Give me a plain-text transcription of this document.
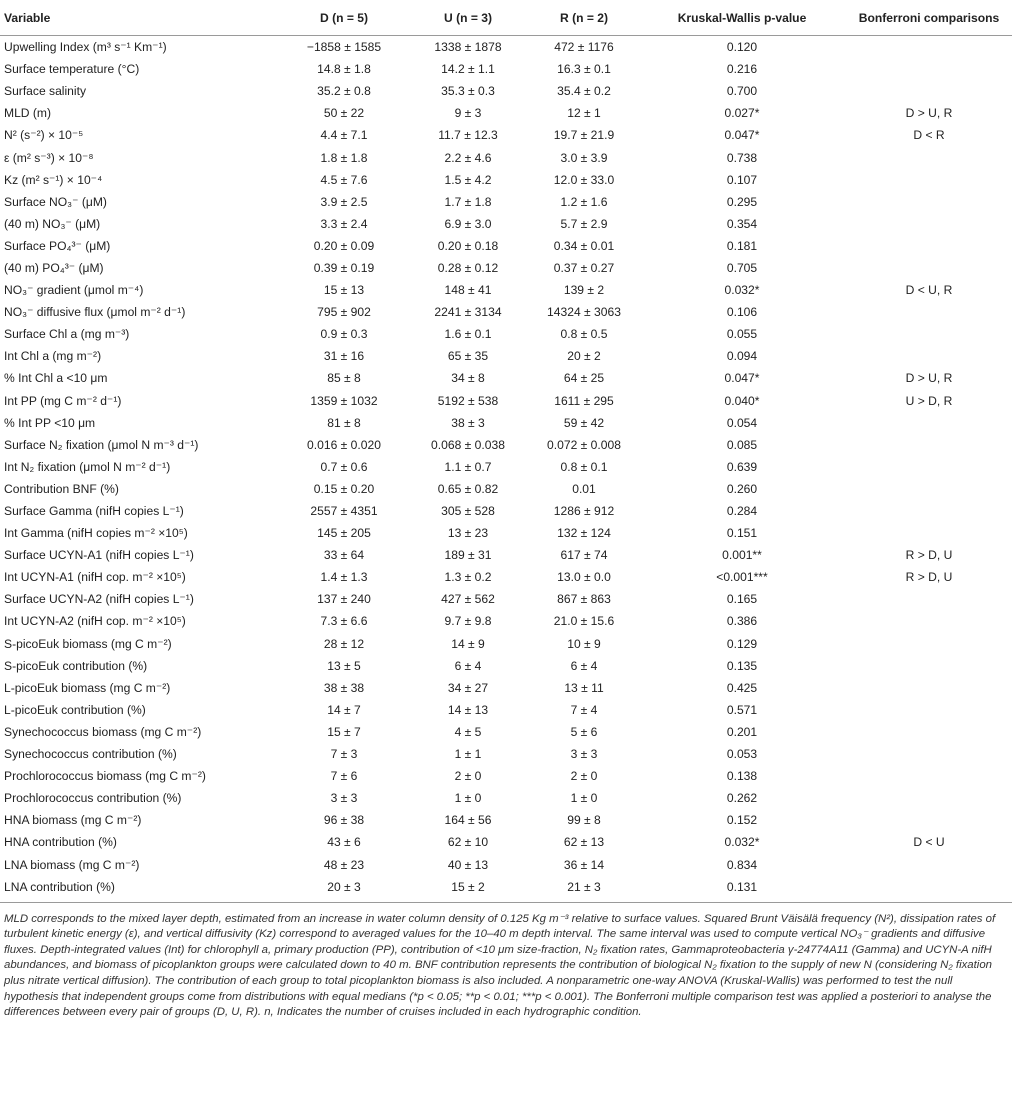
Variable	D (n = 5)	U (n = 3)	R (n = 2)	Kruskal-Wallis p-value	Bonferroni comparisons
Upwelling Index (m³ s⁻¹ Km⁻¹)	−1858 ± 1585	1338 ± 1878	472 ± 1176	0.120	
Surface temperature (°C)	14.8 ± 1.8	14.2 ± 1.1	16.3 ± 0.1	0.216	
Surface salinity	35.2 ± 0.8	35.3 ± 0.3	35.4 ± 0.2	0.700	
MLD (m)	50 ± 22	9 ± 3	12 ± 1	0.027*	D > U, R
N² (s⁻²) × 10⁻⁵	4.4 ± 7.1	11.7 ± 12.3	19.7 ± 21.9	0.047*	D < R
ε (m² s⁻³) × 10⁻⁸	1.8 ± 1.8	2.2 ± 4.6	3.0 ± 3.9	0.738	
Kz (m² s⁻¹) × 10⁻⁴	4.5 ± 7.6	1.5 ± 4.2	12.0 ± 33.0	0.107	
Surface NO₃⁻ (μM)	3.9 ± 2.5	1.7 ± 1.8	1.2 ± 1.6	0.295	
(40 m) NO₃⁻ (μM)	3.3 ± 2.4	6.9 ± 3.0	5.7 ± 2.9	0.354	
Surface PO₄³⁻ (μM)	0.20 ± 0.09	0.20 ± 0.18	0.34 ± 0.01	0.181	
(40 m) PO₄³⁻ (μM)	0.39 ± 0.19	0.28 ± 0.12	0.37 ± 0.27	0.705	
NO₃⁻ gradient (μmol m⁻⁴)	15 ± 13	148 ± 41	139 ± 2	0.032*	D < U, R
NO₃⁻ diffusive flux (μmol m⁻² d⁻¹)	795 ± 902	2241 ± 3134	14324 ± 3063	0.106	
Surface Chl a (mg m⁻³)	0.9 ± 0.3	1.6 ± 0.1	0.8 ± 0.5	0.055	
Int Chl a (mg m⁻²)	31 ± 16	65 ± 35	20 ± 2	0.094	
% Int Chl a <10 μm	85 ± 8	34 ± 8	64 ± 25	0.047*	D > U, R
Int PP (mg C m⁻² d⁻¹)	1359 ± 1032	5192 ± 538	1611 ± 295	0.040*	U > D, R
% Int PP <10 μm	81 ± 8	38 ± 3	59 ± 42	0.054	
Surface N₂ fixation (μmol N m⁻³ d⁻¹)	0.016 ± 0.020	0.068 ± 0.038	0.072 ± 0.008	0.085	
Int N₂ fixation (μmol N m⁻² d⁻¹)	0.7 ± 0.6	1.1 ± 0.7	0.8 ± 0.1	0.639	
Contribution BNF (%)	0.15 ± 0.20	0.65 ± 0.82	0.01	0.260	
Surface Gamma (nifH copies L⁻¹)	2557 ± 4351	305 ± 528	1286 ± 912	0.284	
Int Gamma (nifH copies m⁻² ×10⁵)	145 ± 205	13 ± 23	132 ± 124	0.151	
Surface UCYN-A1 (nifH copies L⁻¹)	33 ± 64	189 ± 31	617 ± 74	0.001**	R > D, U
Int UCYN-A1 (nifH cop. m⁻² ×10⁵)	1.4 ± 1.3	1.3 ± 0.2	13.0 ± 0.0	<0.001***	R > D, U
Surface UCYN-A2 (nifH copies L⁻¹)	137 ± 240	427 ± 562	867 ± 863	0.165	
Int UCYN-A2 (nifH cop. m⁻² ×10⁵)	7.3 ± 6.6	9.7 ± 9.8	21.0 ± 15.6	0.386	
S-picoEuk biomass (mg C m⁻²)	28 ± 12	14 ± 9	10 ± 9	0.129	
S-picoEuk contribution (%)	13 ± 5	6 ± 4	6 ± 4	0.135	
L-picoEuk biomass (mg C m⁻²)	38 ± 38	34 ± 27	13 ± 11	0.425	
L-picoEuk contribution (%)	14 ± 7	14 ± 13	7 ± 4	0.571	
Synechococcus biomass (mg C m⁻²)	15 ± 7	4 ± 5	5 ± 6	0.201	
Synechococcus contribution (%)	7 ± 3	1 ± 1	3 ± 3	0.053	
Prochlorococcus biomass (mg C m⁻²)	7 ± 6	2 ± 0	2 ± 0	0.138	
Prochlorococcus contribution (%)	3 ± 3	1 ± 0	1 ± 0	0.262	
HNA biomass (mg C m⁻²)	96 ± 38	164 ± 56	99 ± 8	0.152	
HNA contribution (%)	43 ± 6	62 ± 10	62 ± 13	0.032*	D < U
LNA biomass (mg C m⁻²)	48 ± 23	40 ± 13	36 ± 14	0.834	
LNA contribution (%)	20 ± 3	15 ± 2	21 ± 3	0.131	
MLD corresponds to the mixed layer depth, estimated from an increase in water column density of 0.125 Kg m⁻³ relative to surface values. Squared Brunt Väisälä frequency (N²), dissipation rates of turbulent kinetic energy (ε), and vertical diffusivity (Kz) correspond to averaged values for the 10–40 m depth interval. The same interval was used to compute vertical NO₃⁻ gradients and diffusive fluxes. Depth-integrated values (Int) for chlorophyll a, primary production (PP), contribution of <10 μm size-fraction, N₂ fixation rates, Gammaproteobacteria γ-24774A11 (Gamma) and UCYN-A nifH abundances, and biomass of picoplankton groups were calculated down to 40 m. BNF contribution represents the contribution of biological N₂ fixation to the supply of new N (considering N₂ fixation plus nitrate vertical diffusion). The contribution of each group to total picoplankton biomass is also included. A nonparametric one-way ANOVA (Kruskal-Wallis) was performed to test the null hypothesis that independent groups come from distributions with equal medians (*p < 0.05; **p < 0.01; ***p < 0.001). The Bonferroni multiple comparison test was applied a posteriori to analyse the differences between every pair of groups (D, U, R). n, Indicates the number of cruises included in each hydrographic condition.
